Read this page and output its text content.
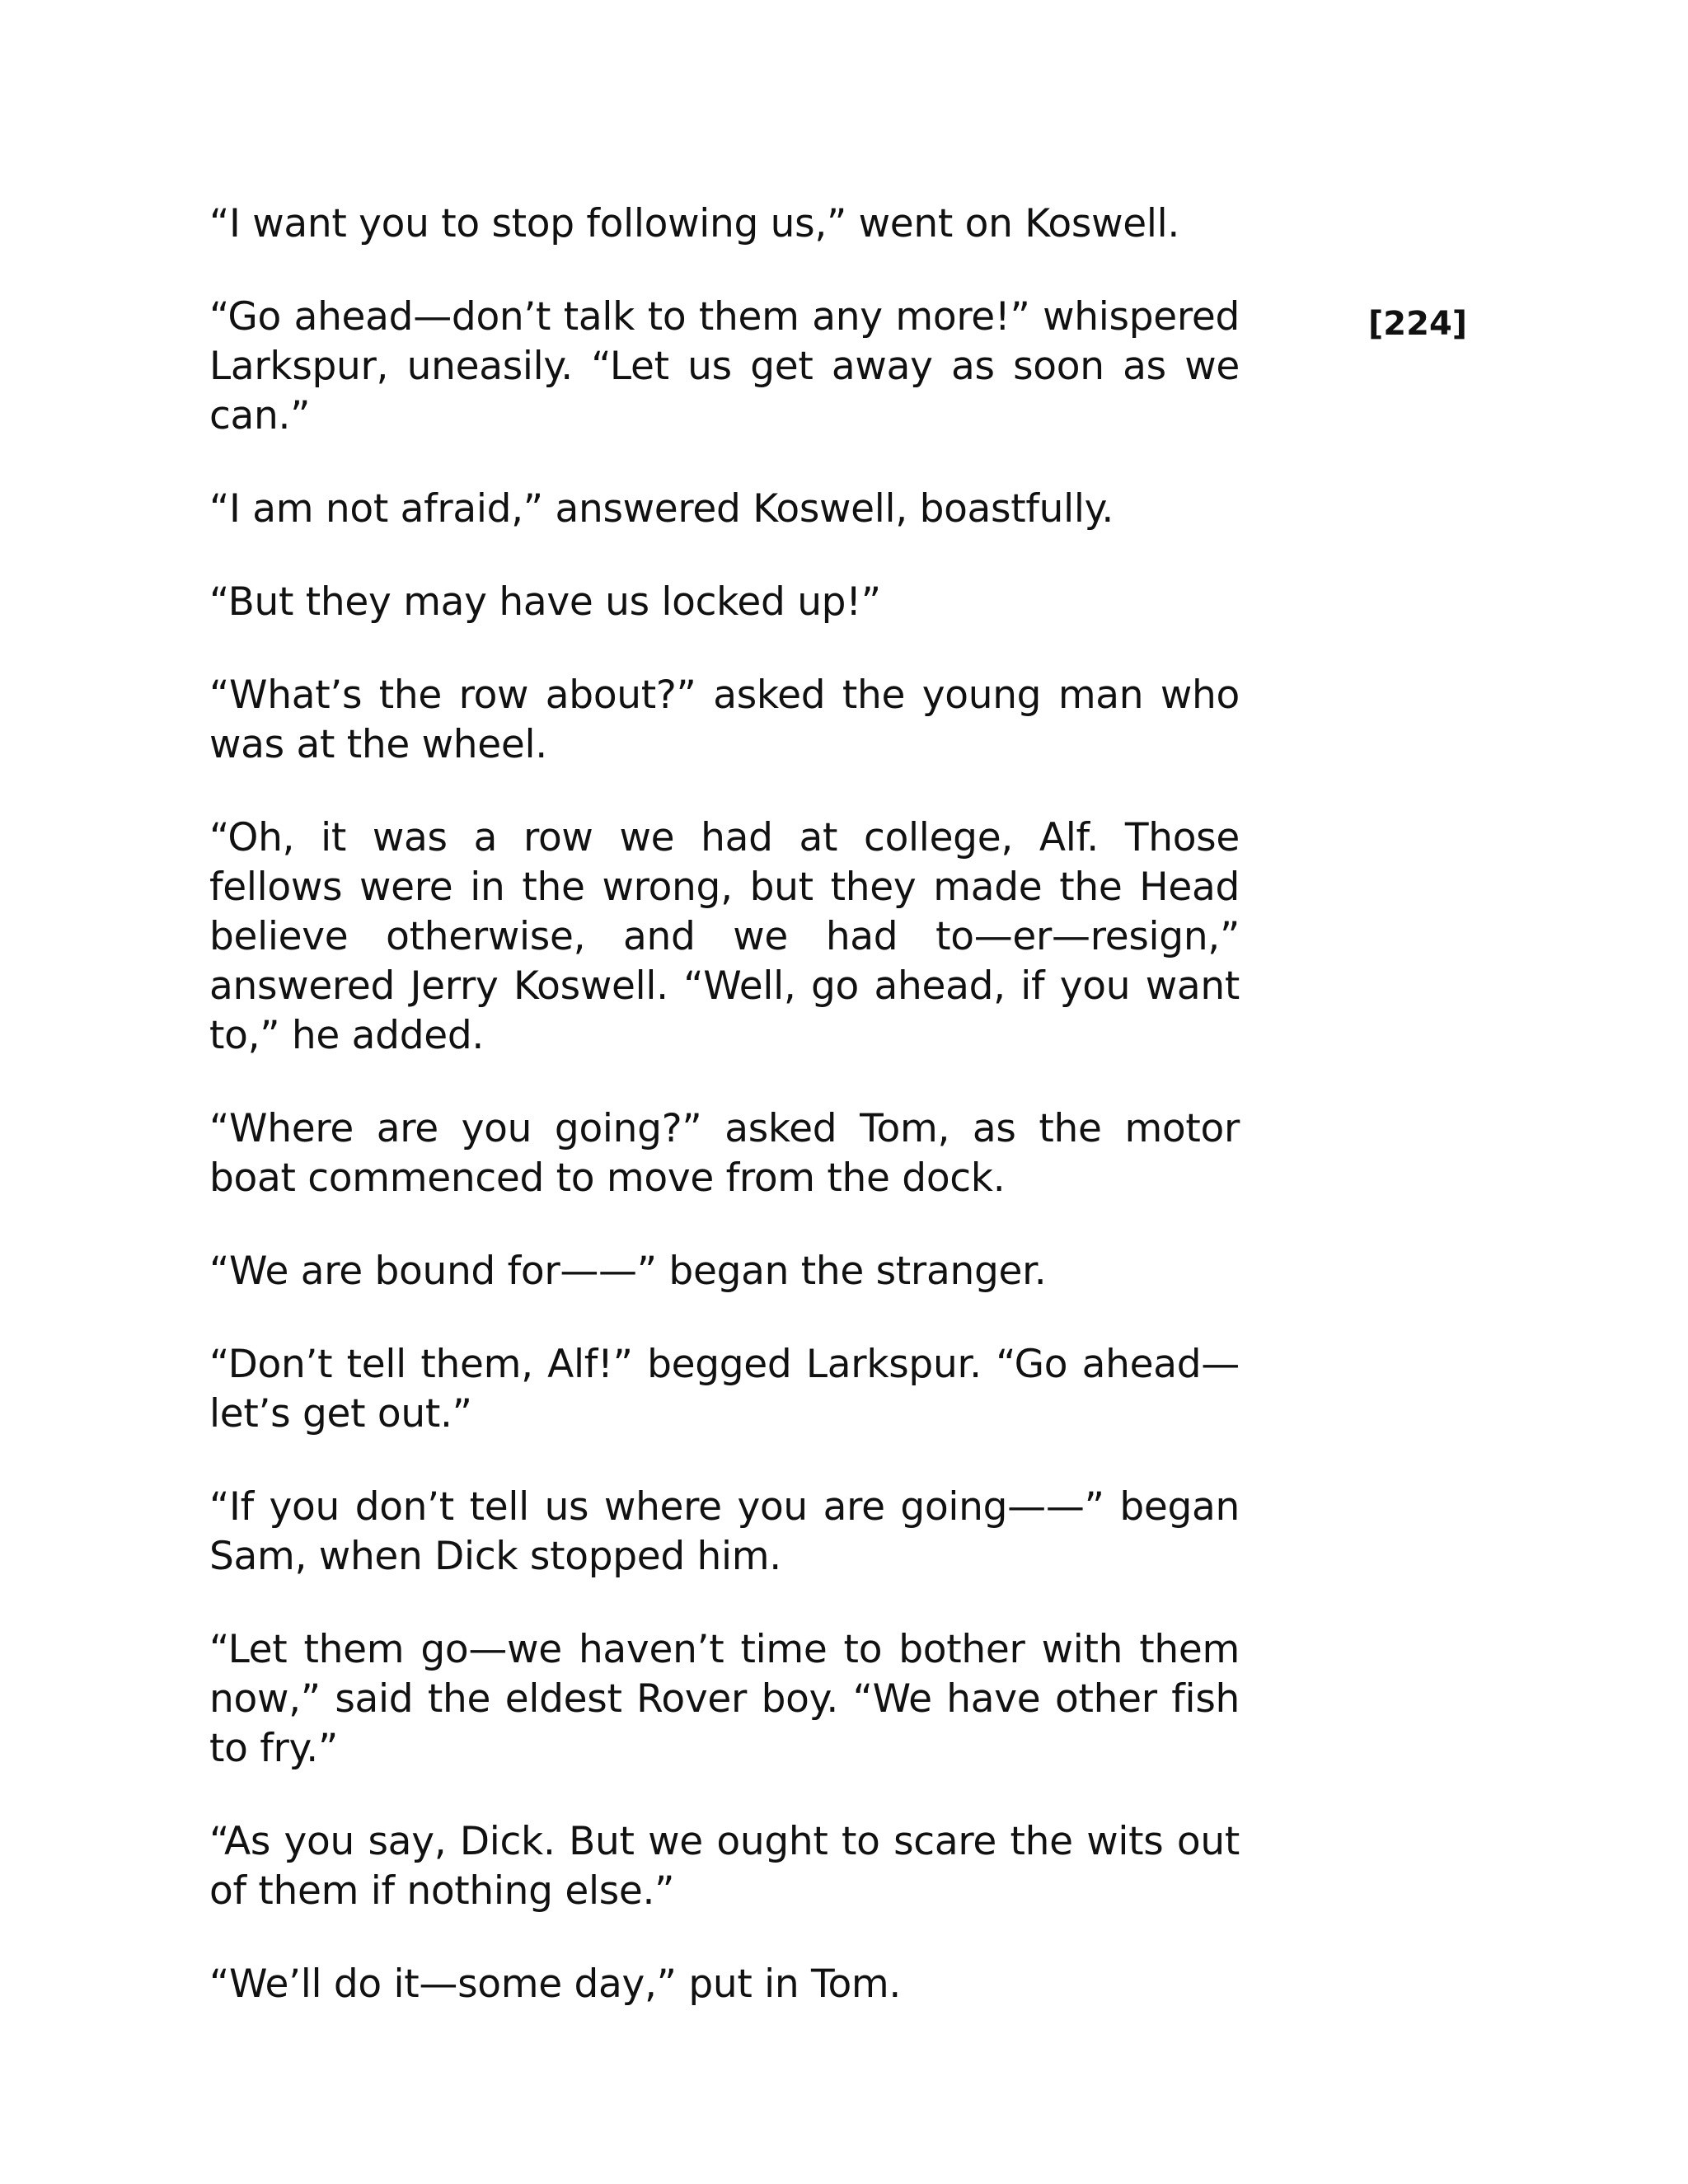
[224]

“I want you to stop following us,” went on Koswell.

“Go ahead—don’t talk to them any more!” whispered Larkspur, uneasily. “Let us get away as soon as we can.”

“I am not afraid,” answered Koswell, boastfully.

“But they may have us locked up!”

“What’s the row about?” asked the young man who was at the wheel.

“Oh, it was a row we had at college, Alf. Those fellows were in the wrong, but they made the Head believe otherwise, and we had to—er—resign,” answered Jerry Koswell. “Well, go ahead, if you want to,” he added.

“Where are you going?” asked Tom, as the motor boat commenced to move from the dock.

“We are bound for——” began the stranger.

“Don’t tell them, Alf!” begged Larkspur. “Go ahead—let’s get out.”

“If you don’t tell us where you are going——” began Sam, when Dick stopped him.

“Let them go—we haven’t time to bother with them now,” said the eldest Rover boy. “We have other fish to fry.”

“As you say, Dick. But we ought to scare the wits out of them if nothing else.”

“We’ll do it—some day,” put in Tom.
